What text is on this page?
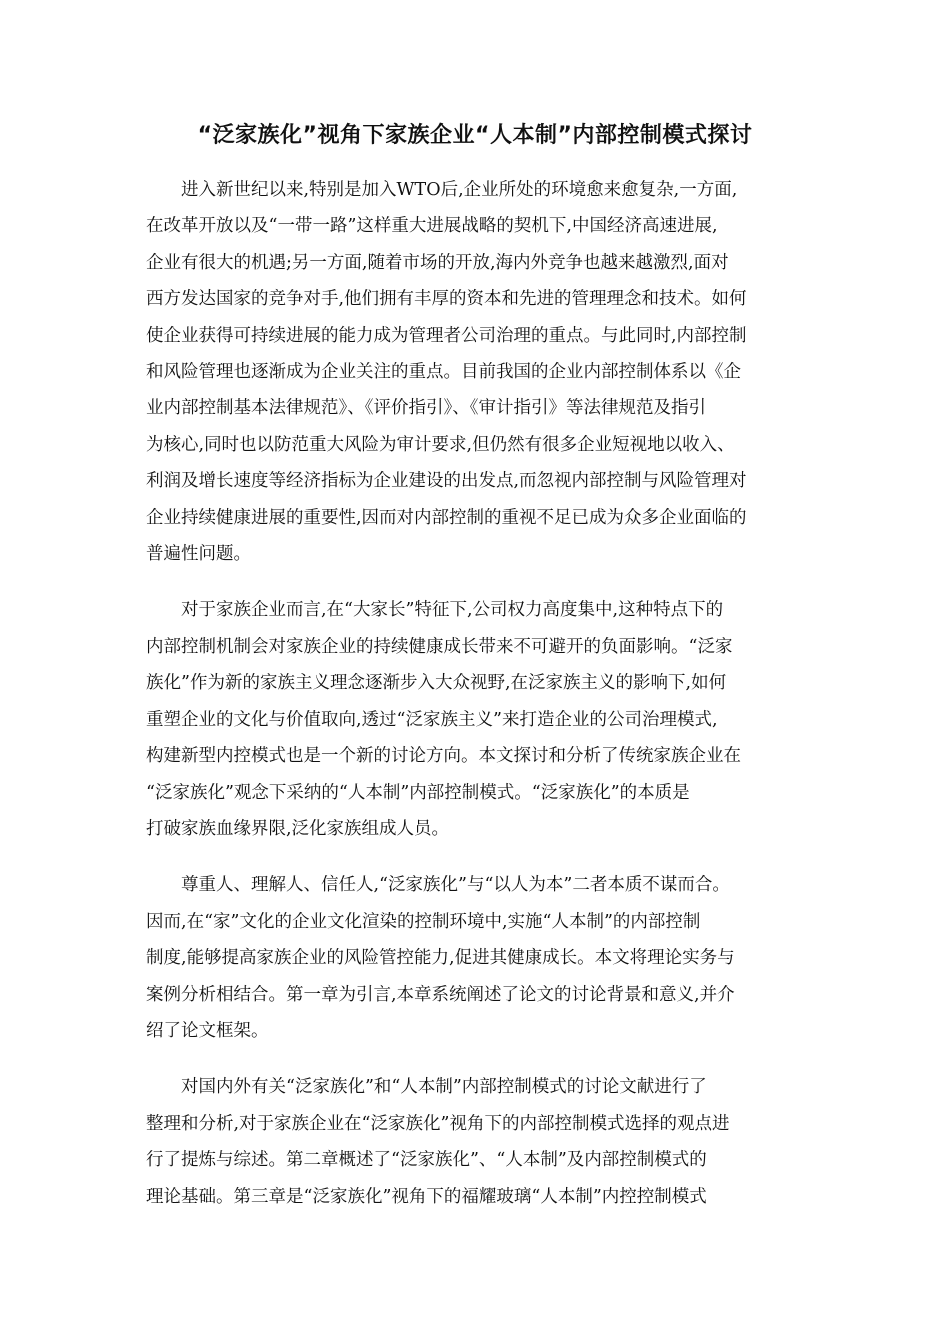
“泛家族化”视角下家族企业“人本制”内部控制模式探讨

进入新世纪以来,特别是加入WTO后,企业所处的环境愈来愈复杂,一方面,
在改革开放以及“一带一路”这样重大进展战略的契机下,中国经济高速进展,
企业有很大的机遇;另一方面,随着市场的开放,海内外竞争也越来越激烈,面对
西方发达国家的竞争对手,他们拥有丰厚的资本和先进的管理理念和技术。如何
使企业获得可持续进展的能力成为管理者公司治理的重点。与此同时,内部控制
和风险管理也逐渐成为企业关注的重点。目前我国的企业内部控制体系以《企
业内部控制基本法律规范》、《评价指引》、《审计指引》等法律规范及指引
为核心,同时也以防范重大风险为审计要求,但仍然有很多企业短视地以收入、
利润及增长速度等经济指标为企业建设的出发点,而忽视内部控制与风险管理对
企业持续健康进展的重要性,因而对内部控制的重视不足已成为众多企业面临的
普遍性问题。

对于家族企业而言,在“大家长”特征下,公司权力高度集中,这种特点下的
内部控制机制会对家族企业的持续健康成长带来不可避开的负面影响。“泛家
族化”作为新的家族主义理念逐渐步入大众视野,在泛家族主义的影响下,如何
重塑企业的文化与价值取向,透过“泛家族主义”来打造企业的公司治理模式,
构建新型内控模式也是一个新的讨论方向。本文探讨和分析了传统家族企业在
“泛家族化”观念下采纳的“人本制”内部控制模式。“泛家族化”的本质是
打破家族血缘界限,泛化家族组成人员。

尊重人、理解人、信任人,“泛家族化”与“以人为本”二者本质不谋而合。
因而,在“家”文化的企业文化渲染的控制环境中,实施“人本制”的内部控制
制度,能够提高家族企业的风险管控能力,促进其健康成长。本文将理论实务与
案例分析相结合。第一章为引言,本章系统阐述了论文的讨论背景和意义,并介
绍了论文框架。

对国内外有关“泛家族化”和“人本制”内部控制模式的讨论文献进行了
整理和分析,对于家族企业在“泛家族化”视角下的内部控制模式选择的观点进
行了提炼与综述。第二章概述了“泛家族化”、“人本制”及内部控制模式的
理论基础。第三章是“泛家族化”视角下的福耀玻璃“人本制”内控控制模式
